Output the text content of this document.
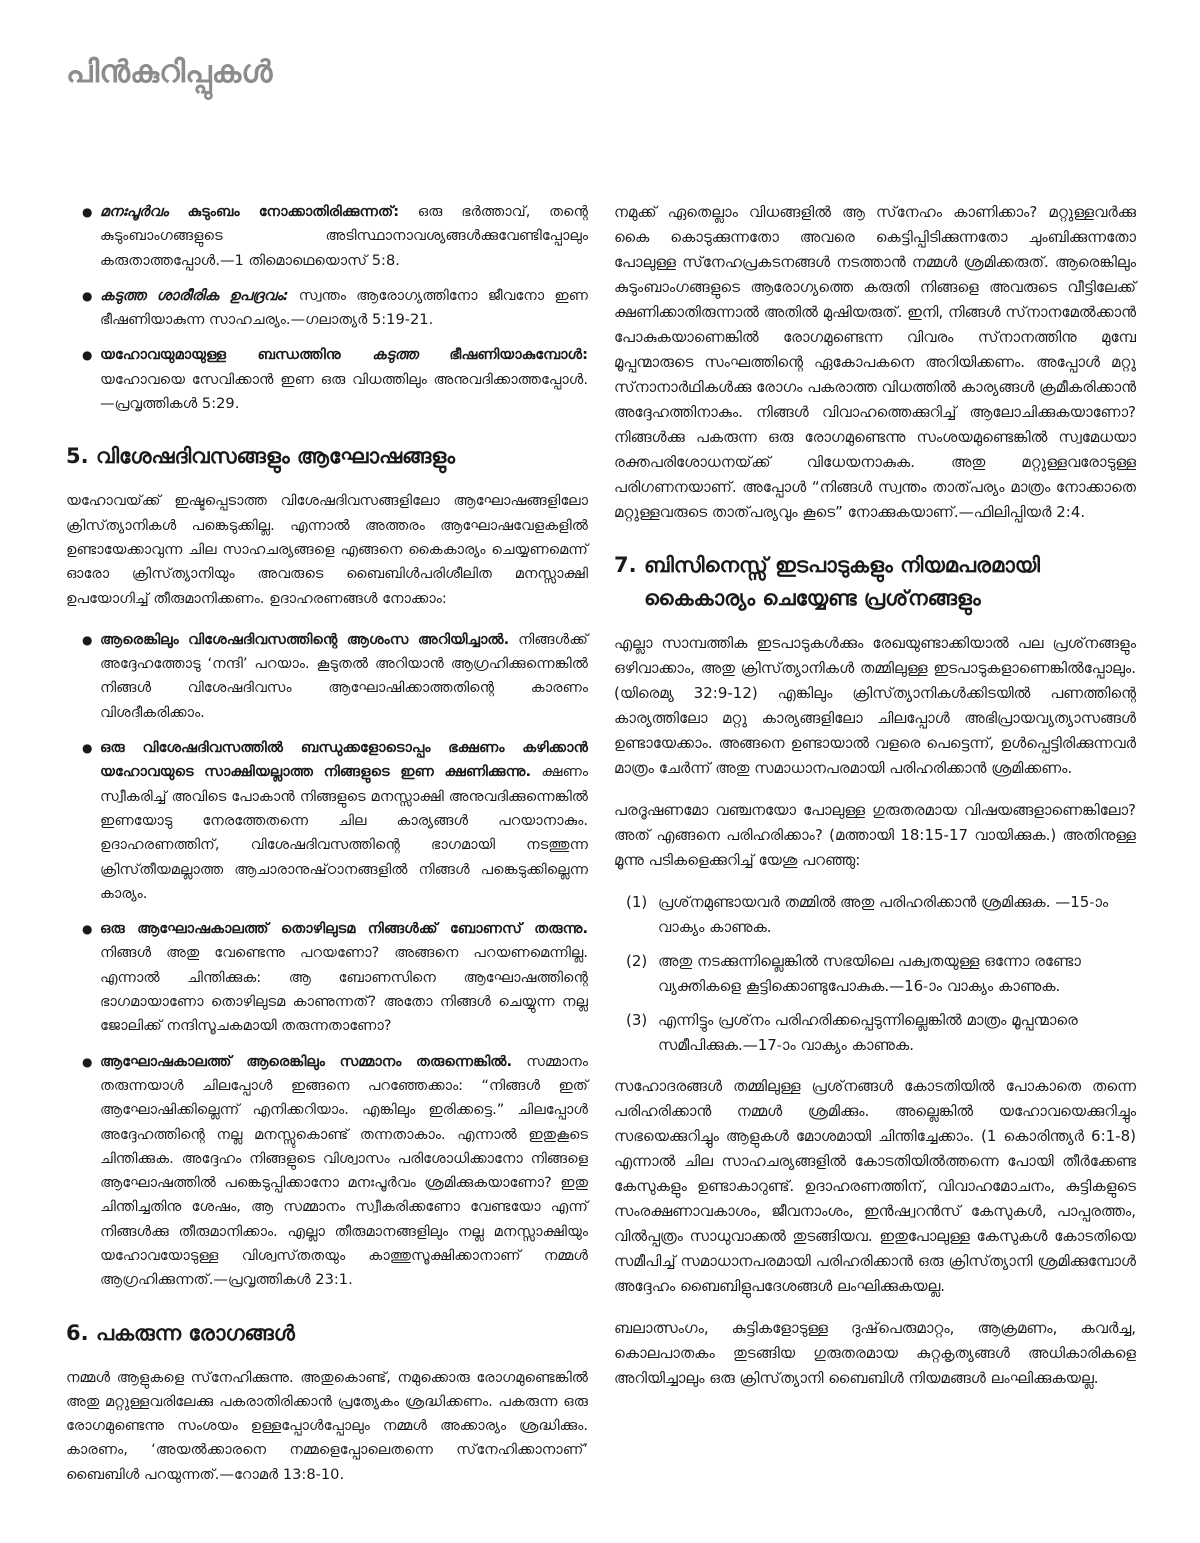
പിൻകുറിപ്പുകൾ
● മനഃപൂർവം കുടുംബം നോക്കാതിരിക്കുന്നത്: ഒരു ഭർത്താവ്, തന്റെ കുടുംബാംഗങ്ങളുടെ അടിസ്ഥാനാവശ്യങ്ങൾക്കുവേണ്ടിപ്പോലും കരുതാത്തപ്പോൾ.—1 തിമൊഥെയൊസ്‌ 5:8.
● കടുത്ത ശാരീരിക ഉപദ്രവം: സ്വന്തം ആരോഗ്യത്തിനോ ജീവനോ ഇണ ഭീഷണിയാകുന്ന സാഹചര്യം.—ഗലാത്യർ 5:19-21.
● യഹോവയുമായുള്ള ബന്ധത്തിനു കടുത്ത ഭീഷണിയാകുമ്പോൾ: യഹോവയെ സേവിക്കാൻ ഇണ ഒരു വിധത്തിലും അനുവദിക്കാത്തപ്പോൾ.—പ്രവൃത്തികൾ 5:29.
5. വിശേഷദിവസങ്ങളും ആഘോഷങ്ങളും

യഹോവയ്‌ക്ക്‌ ഇഷ്ടപ്പെടാത്ത വിശേഷദിവസങ്ങളിലോ ആഘോഷങ്ങളിലോ ക്രിസ്‌ത്യാനികൾ പങ്കെടുക്കില്ല. എന്നാൽ അത്തരം ആഘോഷവേളകളിൽ ഉണ്ടായേക്കാവുന്ന ചില സാഹചര്യങ്ങളെ എങ്ങനെ കൈകാര്യം ചെയ്യണമെന്ന്‌ ഓരോ ക്രിസ്‌ത്യാനിയും അവരുടെ ബൈബിൾപരിശീലിത മനസ്സാക്ഷി ഉപയോഗിച്ച്‌ തീരുമാനിക്കണം. ഉദാഹരണങ്ങൾ നോക്കാം:

● ആരെങ്കിലും വിശേഷദിവസത്തിന്റെ ആശംസ അറിയിച്ചാൽ. നിങ്ങൾക്ക്‌ അദ്ദേഹത്തോടു ‘നന്ദി’ പറയാം. കൂടുതൽ അറിയാൻ ആഗ്രഹിക്കുന്നെങ്കിൽ നിങ്ങൾ വിശേഷദിവസം ആഘോഷിക്കാത്തതിന്റെ കാരണം വിശദീകരിക്കാം.
● ഒരു വിശേഷദിവസത്തിൽ ബന്ധുക്കളോടൊപ്പം ഭക്ഷണം കഴിക്കാൻ യഹോവയുടെ സാക്ഷിയല്ലാത്ത നിങ്ങളുടെ ഇണ ക്ഷണിക്കുന്നു. ക്ഷണം സ്വീകരിച്ച്‌ അവിടെ പോകാൻ നിങ്ങളുടെ മനസ്സാക്ഷി അനുവദിക്കുന്നെങ്കിൽ ഇണയോടു നേരത്തേതന്നെ ചില കാര്യങ്ങൾ പറയാനാകും. ഉദാഹരണത്തിന്‌, വിശേഷദിവസത്തിന്റെ ഭാഗമായി നടത്തുന്ന ക്രിസ്‌തീയമല്ലാത്ത ആചാരാനുഷ്‌ഠാനങ്ങളിൽ നിങ്ങൾ പങ്കെടുക്കില്ലെന്ന കാര്യം.
● ഒരു ആഘോഷകാലത്ത്‌ തൊഴിലുടമ നിങ്ങൾക്ക്‌ ബോണസ്‌ തരുന്നു. നിങ്ങൾ അതു വേണ്ടെന്നു പറയണോ? അങ്ങനെ പറയണമെന്നില്ല. എന്നാൽ ചിന്തിക്കുക: ആ ബോണസിനെ ആഘോഷത്തിന്റെ ഭാഗമായാണോ തൊഴിലുടമ കാണുന്നത്‌? അതോ നിങ്ങൾ ചെയ്യുന്ന നല്ല ജോലിക്ക്‌ നന്ദിസൂചകമായി തരുന്നതാണോ?
● ആഘോഷകാലത്ത്‌ ആരെങ്കിലും സമ്മാനം തരുന്നെങ്കിൽ. സമ്മാനം തരുന്നയാൾ ചിലപ്പോൾ ഇങ്ങനെ പറഞ്ഞേക്കാം: “നിങ്ങൾ ഇത്‌ ആഘോഷിക്കില്ലെന്ന്‌ എനിക്കറിയാം. എങ്കിലും ഇരിക്കട്ടെ.” ചിലപ്പോൾ അദ്ദേഹത്തിന്റെ നല്ല മനസ്സുകൊണ്ട്‌ തന്നതാകാം. എന്നാൽ ഇതുകൂടെ ചിന്തിക്കുക. അദ്ദേഹം നിങ്ങളുടെ വിശ്വാസം പരിശോധിക്കാനോ നിങ്ങളെ ആഘോഷത്തിൽ പങ്കെടുപ്പിക്കാനോ മനഃപൂർവം ശ്രമിക്കുകയാണോ? ഇതു ചിന്തിച്ചതിനു ശേഷം, ആ സമ്മാനം സ്വീകരിക്കണോ വേണ്ടയോ എന്ന്‌ നിങ്ങൾക്കു തീരുമാനിക്കാം. എല്ലാ തീരുമാനങ്ങളിലും നല്ല മനസ്സാക്ഷിയും യഹോവയോടുള്ള വിശ്വസ്‌തതയും കാത്തുസൂക്ഷിക്കാനാണ്‌ നമ്മൾ ആഗ്രഹിക്കുന്നത്‌.—പ്രവൃത്തികൾ 23:1.
6. പകരുന്ന രോഗങ്ങൾ

നമ്മൾ ആളുകളെ സ്‌നേഹിക്കുന്നു. അതുകൊണ്ട്‌, നമുക്കൊരു രോഗമുണ്ടെങ്കിൽ അതു മറ്റുള്ളവരിലേക്കു പകരാതിരിക്കാൻ പ്രത്യേകം ശ്രദ്ധിക്കണം. പകരുന്ന ഒരു രോഗമുണ്ടെന്നു സംശയം ഉള്ളപ്പോൾപ്പോലും നമ്മൾ അക്കാര്യം ശ്രദ്ധിക്കും. കാരണം, ‘അയൽക്കാരനെ നമ്മളെപ്പോലെതന്നെ സ്‌നേഹിക്കാനാണ്‌’ ബൈബിൾ പറയുന്നത്‌.—റോമർ 13:8-10.

നമുക്ക്‌ ഏതെല്ലാം വിധങ്ങളിൽ ആ സ്‌നേഹം കാണിക്കാം? മറ്റുള്ളവർക്കു കൈ കൊടുക്കുന്നതോ അവരെ കെട്ടിപ്പിടിക്കുന്നതോ ചുംബിക്കുന്നതോ പോലുള്ള സ്‌നേഹപ്രകടനങ്ങൾ നടത്താൻ നമ്മൾ ശ്രമിക്കരുത്‌. ആരെങ്കിലും കുടുംബാംഗങ്ങളുടെ ആരോഗ്യത്തെ കരുതി നിങ്ങളെ അവരുടെ വീട്ടിലേക്ക്‌ ക്ഷണിക്കാതിരുന്നാൽ അതിൽ മുഷിയരുത്‌. ഇനി, നിങ്ങൾ സ്‌നാനമേൽക്കാൻ പോകുകയാണെങ്കിൽ രോഗമുണ്ടെന്ന വിവരം സ്‌നാനത്തിനു മുമ്പേ മൂപ്പന്മാരുടെ സംഘത്തിന്റെ ഏകോപകനെ അറിയിക്കണം. അപ്പോൾ മറ്റു സ്‌നാനാർഥികൾക്കു രോഗം പകരാത്ത വിധത്തിൽ കാര്യങ്ങൾ ക്രമീകരിക്കാൻ അദ്ദേഹത്തിനാകും. നിങ്ങൾ വിവാഹത്തെക്കുറിച്ച്‌ ആലോചിക്കുകയാണോ? നിങ്ങൾക്കു പകരുന്ന ഒരു രോഗമുണ്ടെന്നു സംശയമുണ്ടെങ്കിൽ സ്വമേധയാ രക്തപരിശോധനയ്‌ക്ക്‌ വിധേയനാകുക. അതു മറ്റുള്ളവരോടുള്ള പരിഗണനയാണ്‌. അപ്പോൾ “നിങ്ങൾ സ്വന്തം താത്‌പര്യം മാത്രം നോക്കാതെ മറ്റുള്ളവരുടെ താത്‌പര്യവും കൂടെ” നോക്കുകയാണ്‌.—ഫിലിപ്പിയർ 2:4.

7. ബിസിനെസ്സ്‌ ഇടപാടുകളും നിയമപരമായി കൈകാര്യം ചെയ്യേണ്ട പ്രശ്‌നങ്ങളും

എല്ലാ സാമ്പത്തിക ഇടപാടുകൾക്കും രേഖയുണ്ടാക്കിയാൽ പല പ്രശ്‌നങ്ങളും ഒഴിവാക്കാം, അതു ക്രിസ്‌ത്യാനികൾ തമ്മിലുള്ള ഇടപാടുകളാണെങ്കിൽപ്പോലും. (യിരെമ്യ 32:9-12) എങ്കിലും ക്രിസ്‌ത്യാനികൾക്കിടയിൽ പണത്തിന്റെ കാര്യത്തിലോ മറ്റു കാര്യങ്ങളിലോ ചിലപ്പോൾ അഭിപ്രായവ്യത്യാസങ്ങൾ ഉണ്ടായേക്കാം. അങ്ങനെ ഉണ്ടായാൽ വളരെ പെട്ടെന്ന്‌, ഉൾപ്പെട്ടിരിക്കുന്നവർ മാത്രം ചേർന്ന്‌ അതു സമാധാനപരമായി പരിഹരിക്കാൻ ശ്രമിക്കണം.

പരദൂഷണമോ വഞ്ചനയോ പോലുള്ള ഗുരുതരമായ വിഷയങ്ങളാണെങ്കിലോ? അത്‌ എങ്ങനെ പരിഹരിക്കാം? (മത്തായി 18:15-17 വായിക്കുക.) അതിനുള്ള മൂന്നു പടികളെക്കുറിച്ച്‌ യേശു പറഞ്ഞു:

(1) പ്രശ്‌നമുണ്ടായവർ തമ്മിൽ അതു പരിഹരിക്കാൻ ശ്രമിക്കുക. —15-ാം വാക്യം കാണുക.
(2) അതു നടക്കുന്നില്ലെങ്കിൽ സഭയിലെ പക്വതയുള്ള ഒന്നോ രണ്ടോ വ്യക്തികളെ കൂട്ടിക്കൊണ്ടുപോകുക.—16-ാം വാക്യം കാണുക.
(3) എന്നിട്ടും പ്രശ്‌നം പരിഹരിക്കപ്പെടുന്നില്ലെങ്കിൽ മാത്രം മൂപ്പന്മാരെ സമീപിക്കുക.—17-ാം വാക്യം കാണുക.

സഹോദരങ്ങൾ തമ്മിലുള്ള പ്രശ്‌നങ്ങൾ കോടതിയിൽ പോകാതെ തന്നെ പരിഹരിക്കാൻ നമ്മൾ ശ്രമിക്കും. അല്ലെങ്കിൽ യഹോവയെക്കുറിച്ചും സഭയെക്കുറിച്ചും ആളുകൾ മോശമായി ചിന്തിച്ചേക്കാം. (1 കൊരിന്ത്യർ 6:1-8) എന്നാൽ ചില സാഹചര്യങ്ങളിൽ കോടതിയിൽത്തന്നെ പോയി തീർക്കേണ്ട കേസുകളും ഉണ്ടാകാറുണ്ട്‌. ഉദാഹരണത്തിന്‌, വിവാഹമോചനം, കുട്ടികളുടെ സംരക്ഷണാവകാശം, ജീവനാംശം, ഇൻഷ്വറൻസ്‌ കേസുകൾ, പാപ്പരത്തം, വിൽപ്പത്രം സാധുവാക്കൽ തുടങ്ങിയവ. ഇതുപോലുള്ള കേസുകൾ കോടതിയെ സമീപിച്ച്‌ സമാധാനപരമായി പരിഹരിക്കാൻ ഒരു ക്രിസ്‌ത്യാനി ശ്രമിക്കുമ്പോൾ അദ്ദേഹം ബൈബിളുപദേശങ്ങൾ ലംഘിക്കുകയല്ല.

ബലാത്സംഗം, കുട്ടികളോടുള്ള ദുഷ്‌പെരുമാറ്റം, ആക്രമണം, കവർച്ച, കൊലപാതകം തുടങ്ങിയ ഗുരുതരമായ കുറ്റകൃത്യങ്ങൾ അധികാരികളെ അറിയിച്ചാലും ഒരു ക്രിസ്‌ത്യാനി ബൈബിൾ നിയമങ്ങൾ ലംഘിക്കുകയല്ല.
